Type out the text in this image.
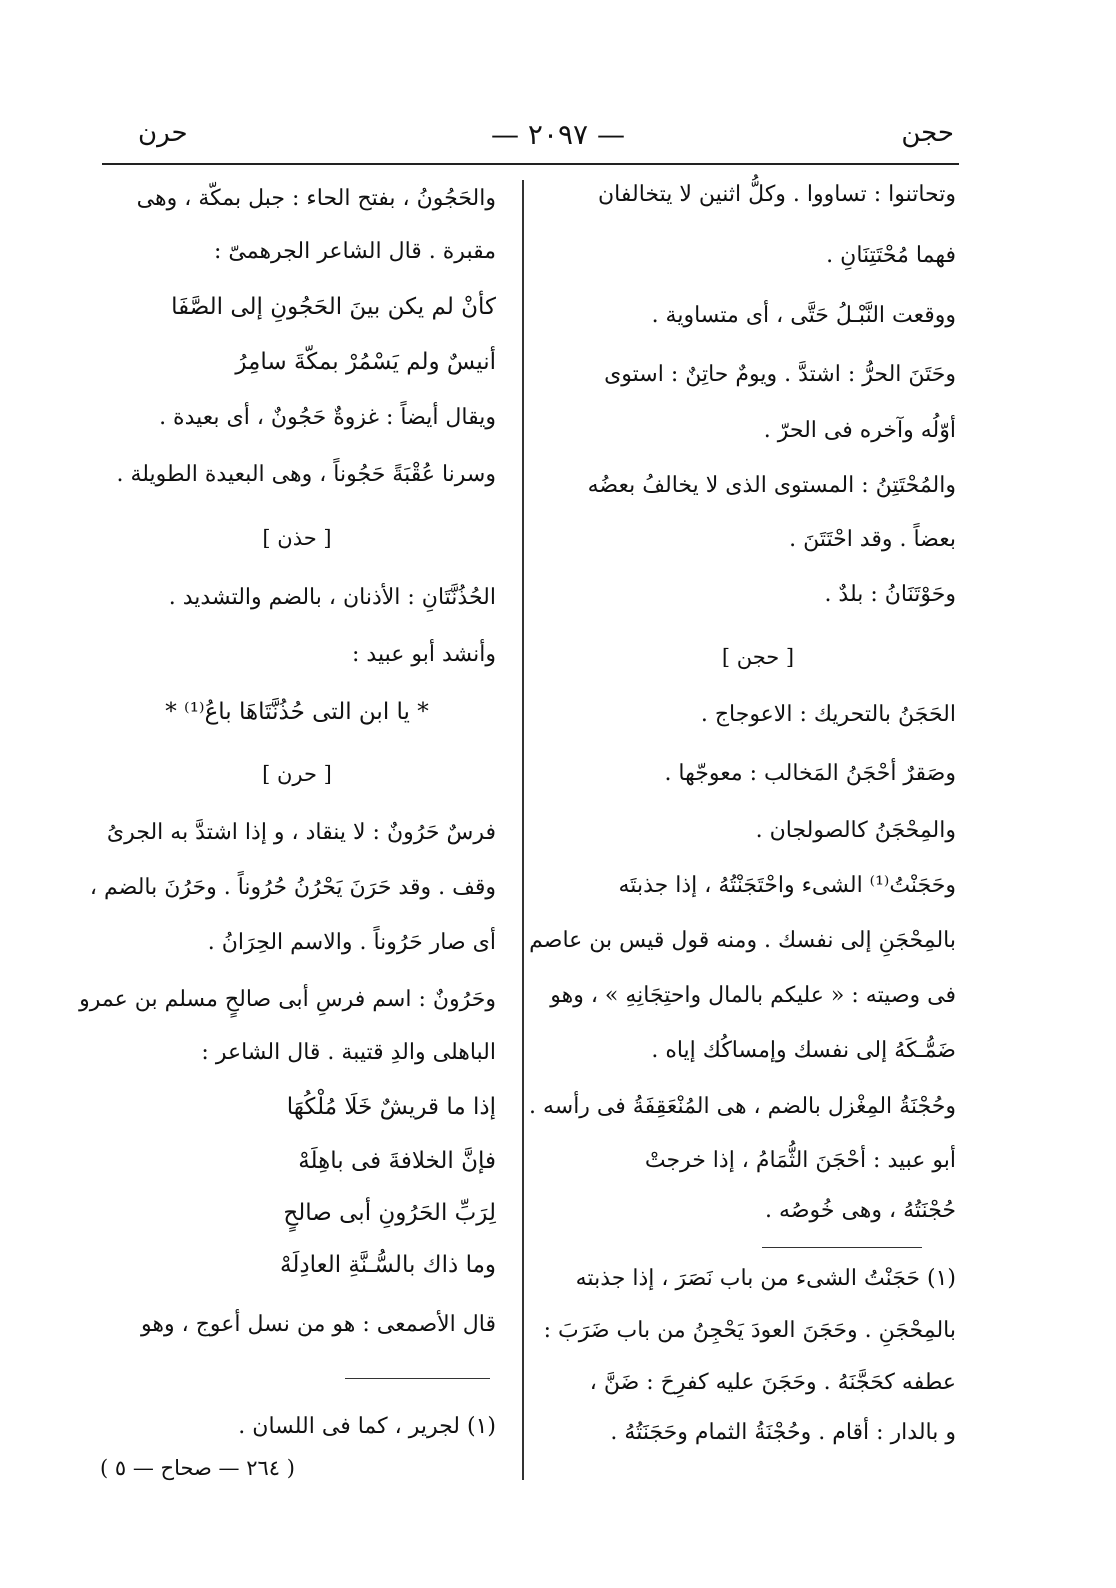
حجن
— ٢٠٩٧ —
حرن
وتحاتنوا : تساووا . وكلُّ اثنين لا يتخالفان
فهما مُحْتَتِنَانِ .
ووقعت النَّبْـلُ حَتَّى ، أى متساوية .
وحَتَنَ الحرُّ : اشتدَّ . ويومٌ حاتِنٌ : استوى
أوّلُه وآخره فى الحرّ .
والمُحْتَتِنُ : المستوى الذى لا يخالفُ بعضُه
بعضاً . وقد احْتَتَنَ .
وحَوْتَنَانُ : بلدٌ .
[ حجن ]
الحَجَنُ بالتحريك : الاعوجاج .
وصَقرٌ أحْجَنُ المَخالب : معوجّها .
والمِحْجَنُ كالصولجان .
وحَجَنْتُ⁽¹⁾ الشىء واحْتَجَنْتُهُ ، إذا جذبتَه
بالمِحْجَنِ إلى نفسك . ومنه قول قيس بن عاصم
فى وصيته : « عليكم بالمال واحتِجَانِهِ » ، وهو
ضَمُّـكَهُ إلى نفسك وإمساكُك إياه .
وحُجْنَةُ المِغْزل بالضم ، هى المُنْعَقِفَةُ فى رأسه .
أبو عبيد : أحْجَنَ الثُّمَامُ ، إذا خرجتْ
حُجْنَتُهُ ، وهى خُوصُه .
(١) حَجَنْتُ الشىء من باب نَصَرَ ، إذا جذبته
بالمِحْجَنِ . وحَجَنَ العودَ يَحْجِنُ من باب ضَرَبَ :
عطفه كحَجَّنَهُ . وحَجَنَ عليه كفرِحَ : ضَنَّ ،
و بالدار : أقام . وحُجْنَةُ الثمام وحَجَنَتُهُ .
والحَجُونُ ، بفتح الحاء : جبل بمكّة ، وهى
مقبرة . قال الشاعر الجرهمىّ :
كأنْ لم يكن بينَ الحَجُونِ إلى الصَّفَا
أنيسٌ ولم يَسْمُرْ بمكّةَ سامِرُ
ويقال أيضاً : غزوةٌ حَجُونٌ ، أى بعيدة .
وسرنا عُقْبَةً حَجُوناً ، وهى البعيدة الطويلة .
[ حذن ]
الحُذُنَّتَانِ : الأذنان ، بالضم والتشديد .
وأنشد أبو عبيد :
* يا ابن التى حُذُنَّتَاهَا باعُ⁽¹⁾ *
[ حرن ]
فرسٌ حَرُونٌ : لا ينقاد ، و إذا اشتدَّ به الجرىُ
وقف . وقد حَرَنَ يَحْرُنُ حُرُوناً . وحَرُنَ بالضم ،
أى صار حَرُوناً . والاسم الحِرَانُ .
وحَرُونٌ : اسم فرسِ أبى صالحٍ مسلم بن عمرو
الباهلى والدِ قتيبة . قال الشاعر :
إذا ما قريشٌ خَلَا مُلْكُهَا
فإنَّ الخلافةَ فى باهِلَهْ
لِرَبِّ الحَرُونِ أبى صالحٍ
وما ذاك بالسُّـنَّةِ العادِلَهْ
قال الأصمعى : هو من نسل أعوج ، وهو
(١) لجرير ، كما فى اللسان .
( ٢٦٤ — صحاح — ٥ )
